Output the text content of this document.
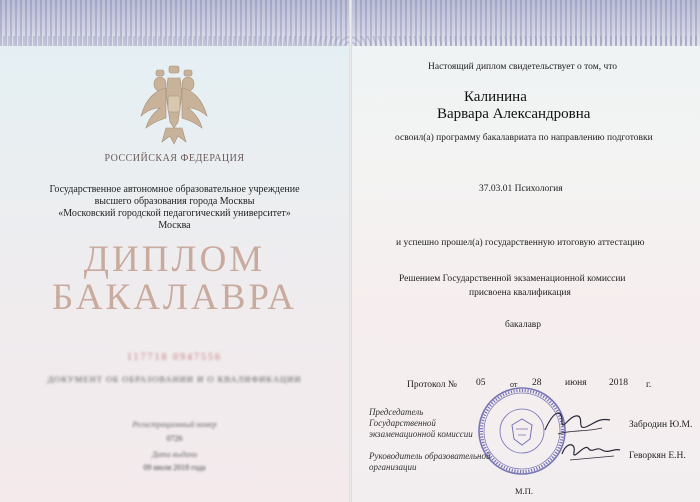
РОССИЙСКАЯ ФЕДЕРАЦИЯ
Государственное автономное образовательное учреждение
высшего образования города Москвы
«Московский городской педагогический университет»
Москва
ДИПЛОМ
БАКАЛАВРА
117718 0947556
ДОКУМЕНТ ОБ ОБРАЗОВАНИИ И О КВАЛИФИКАЦИИ
Регистрационный номер
0726
Дата выдачи
09 июля 2018 года
Настоящий диплом свидетельствует о том, что
Калинина
Варвара Александровна
освоил(а) программу бакалавриата по направлению подготовки
37.03.01 Психология
и успешно прошел(а) государственную итоговую аттестацию
Решением Государственной экзаменационной комиссии
присвоена квалификация
бакалавр
Протокол № 05	от 28 июня 2018 г.
Председатель
Государственной
экзаменационной комиссии
Забродин Ю.М.
Руководитель образовательной
организации
Геворкян Е.Н.
М.П.
